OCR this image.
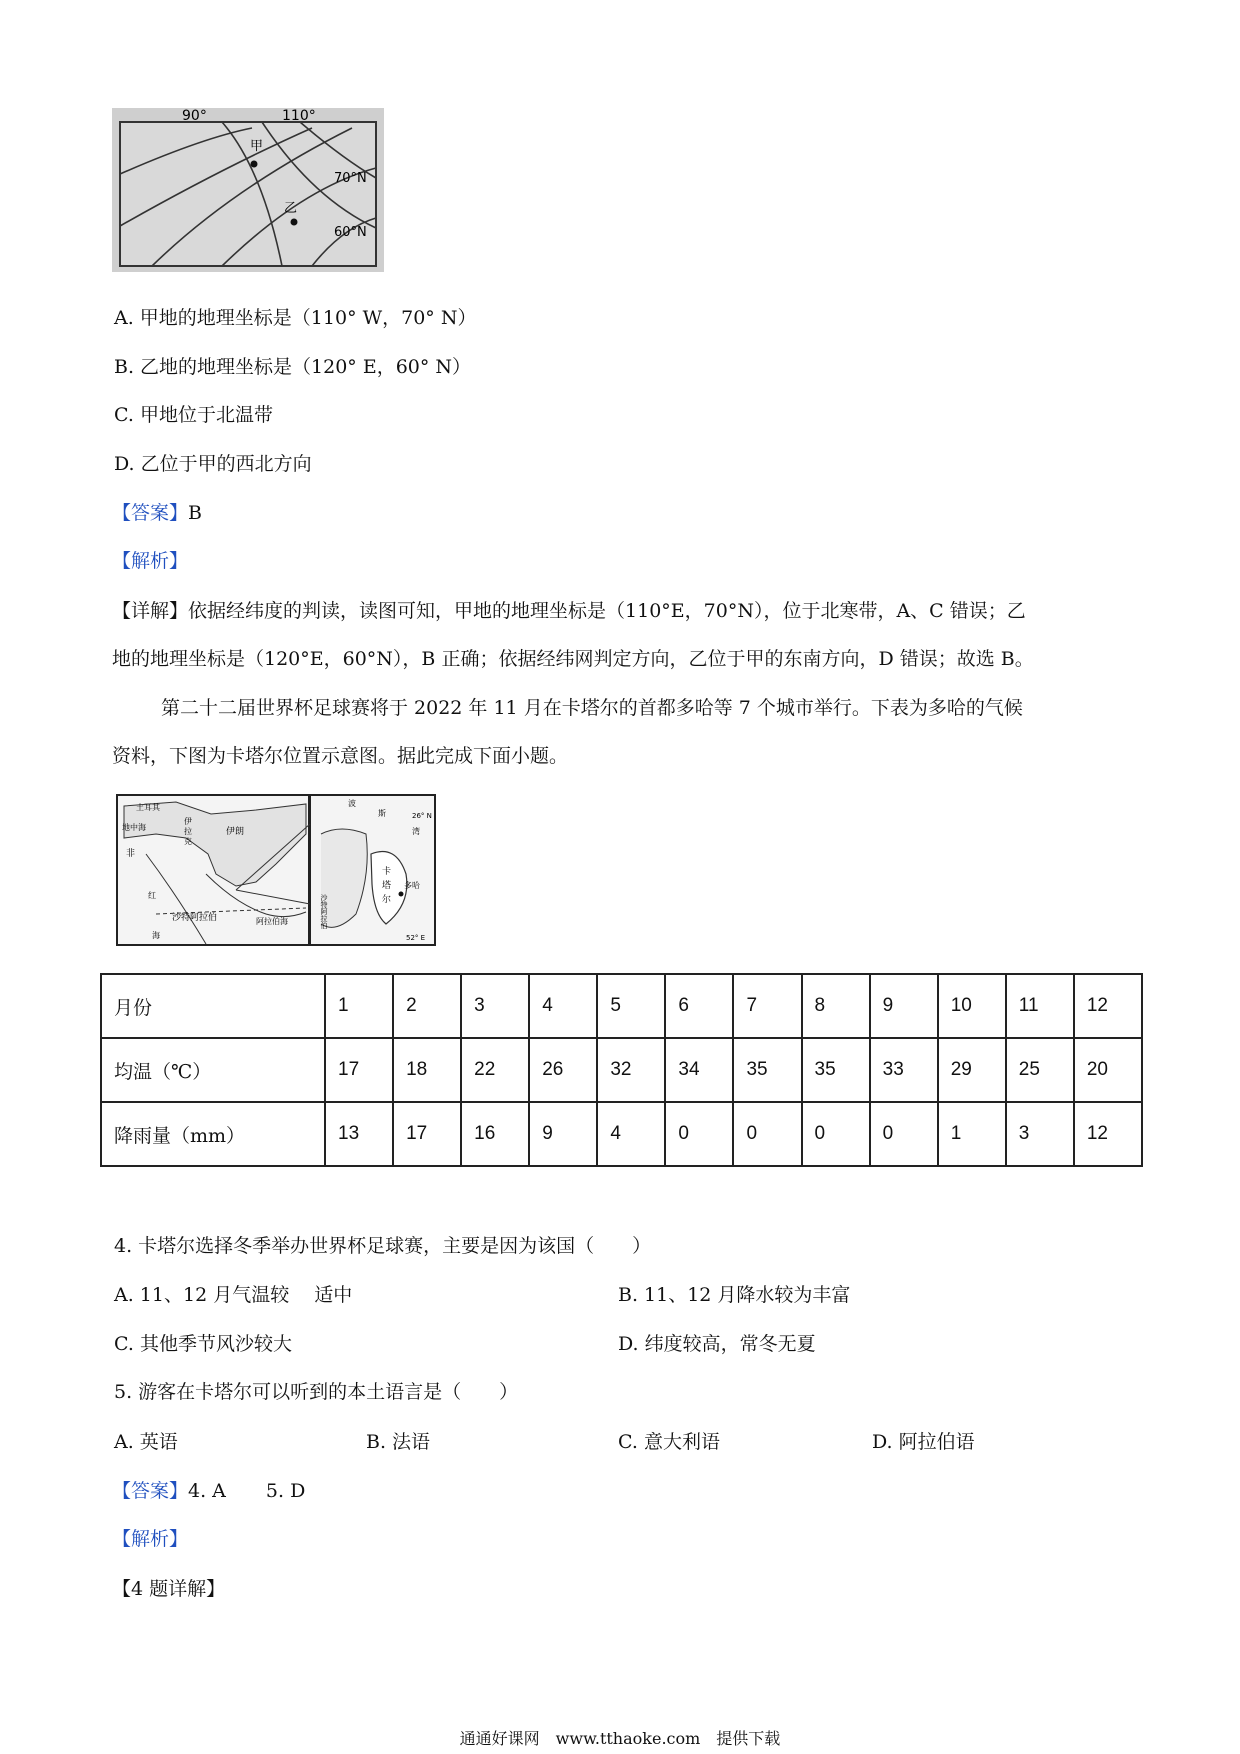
90°	110°
甲
乙
70°N
60°N
A. 甲地的地理坐标是（110° W，70° N）
B. 乙地的地理坐标是（120° E，60° N）
C. 甲地位于北温带
D. 乙位于甲的西北方向
【答案】B
【解析】
【详解】依据经纬度的判读，读图可知，甲地的地理坐标是（110°E，70°N），位于北寒带，A、C 错误；乙
地的地理坐标是（120°E，60°N），B 正确；依据经纬网判定方向，乙位于甲的东南方向，D 错误；故选 B。
第二十二届世界杯足球赛将于 2022 年 11 月在卡塔尔的首都多哈等 7 个城市举行。下表为多哈的气候
资料，下图为卡塔尔位置示意图。据此完成下面小题。
土耳其
地中海
非
伊
拉
克
伊朗
红
海
沙特阿拉伯	阿拉伯海
波
斯
湾
26° N
52° E
卡
塔
尔
多哈
沙特阿拉伯
月份	1	2	3	4	5	6	7	8	9	10	11	12
均温（℃）	17	18	22	26	32	34	35	35	33	29	25	20
降雨量（mm）	13	17	16	9	4	0	0	0	0	1	3	12
4. 卡塔尔选择冬季举办世界杯足球赛，主要是因为该国（　　）
A. 11、12 月气温较　 适中	B. 11、12 月降水较为丰富
C. 其他季节风沙较大	D. 纬度较高，常冬无夏
5. 游客在卡塔尔可以听到的本土语言是（　　）
A. 英语	B. 法语	C. 意大利语	D. 阿拉伯语
【答案】4. A 5. D
【解析】
【4 题详解】
通通好课网　www.tthaoke.com　提供下载
